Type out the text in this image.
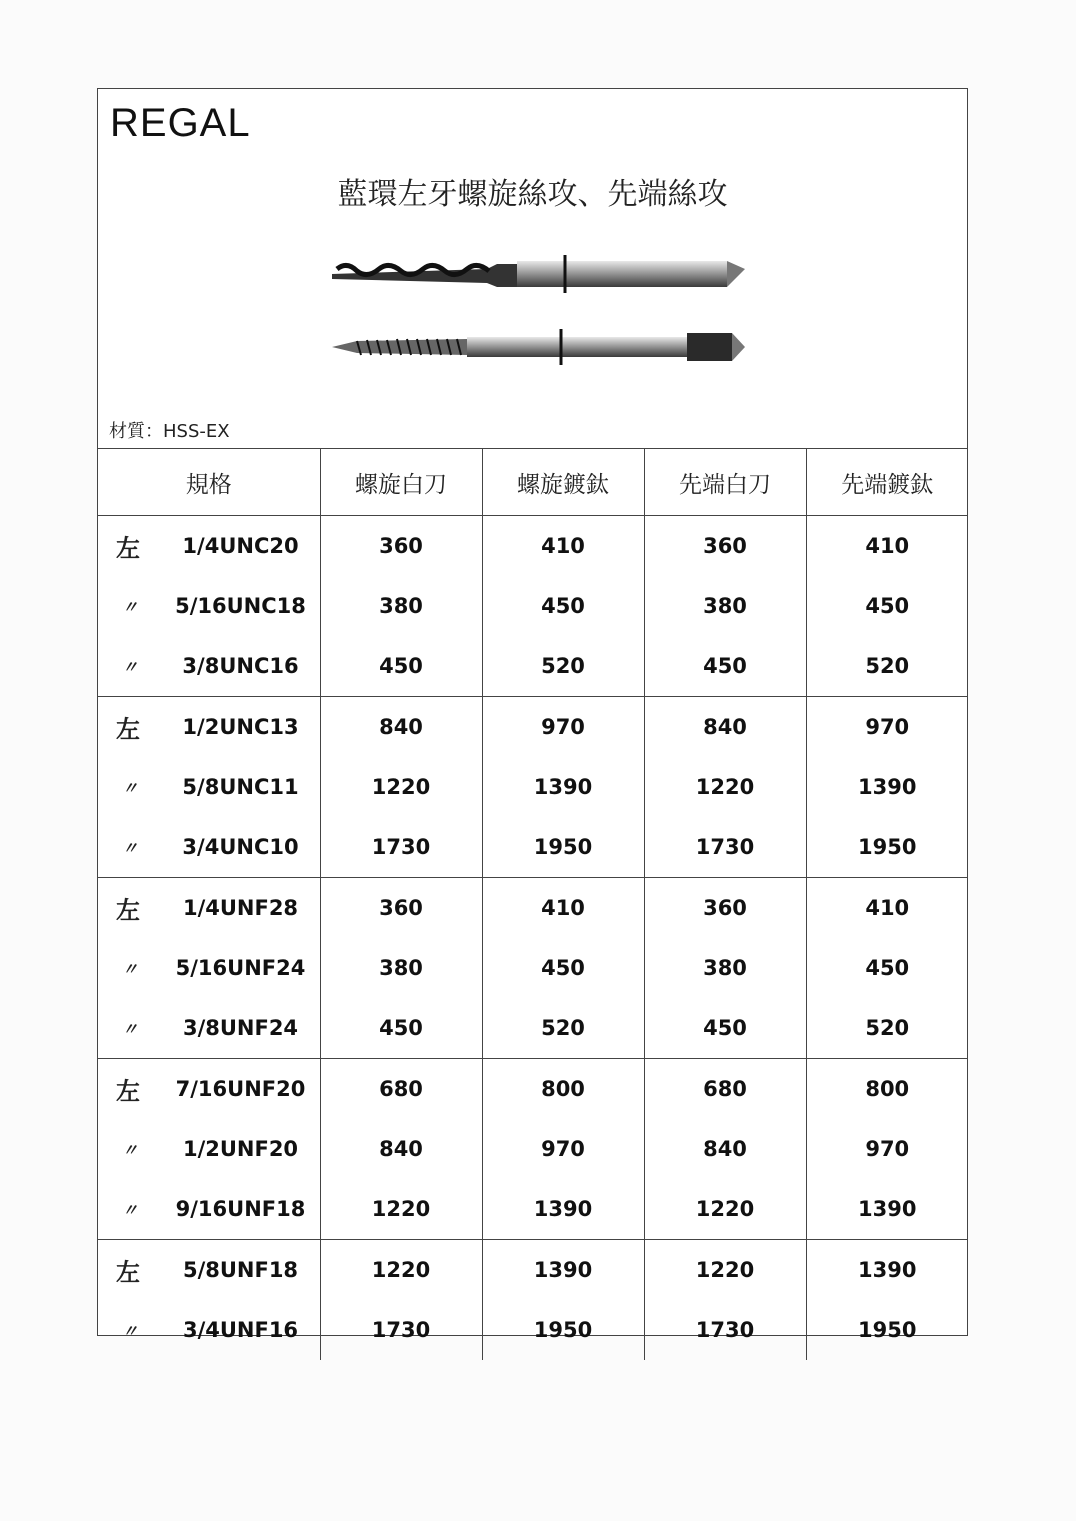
REGAL
藍環左牙螺旋絲攻、先端絲攻
材質：HSS-EX
規格	螺旋白刀	螺旋鍍鈦	先端白刀	先端鍍鈦

左 1/4UNC20	360	410	360	410

〃 5/16UNC18	380	450	380	450

〃 3/8UNC16	450	520	450	520

左 1/2UNC13	840	970	840	970

〃 5/8UNC11	1220	1390	1220	1390

〃 3/4UNC10	1730	1950	1730	1950

左 1/4UNF28	360	410	360	410

〃 5/16UNF24	380	450	380	450

〃 3/8UNF24	450	520	450	520

左 7/16UNF20	680	800	680	800

〃 1/2UNF20	840	970	840	970

〃 9/16UNF18	1220	1390	1220	1390

左 5/8UNF18	1220	1390	1220	1390

〃 3/4UNF16	1730	1950	1730	1950
